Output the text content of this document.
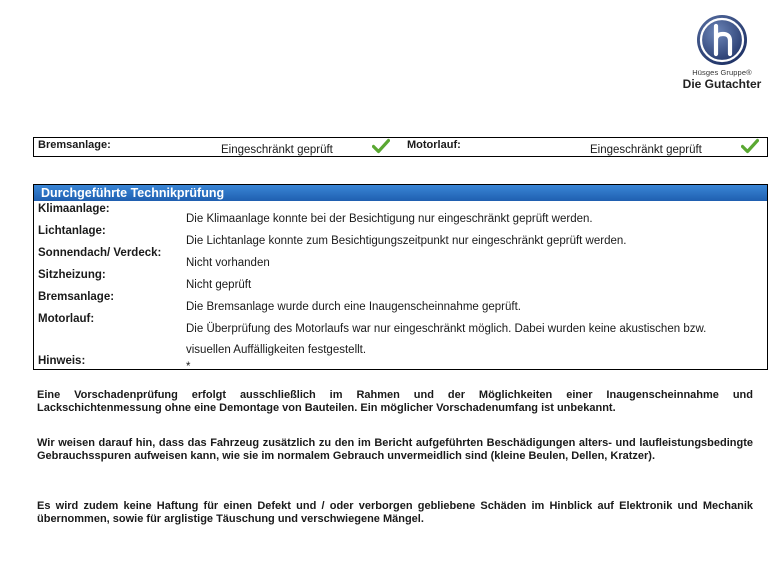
Hüsges Gruppe®
Die Gutachter
Bremsanlage:	Eingeschränkt geprüft	Motorlauf:	Eingeschränkt geprüft
Durchgeführte Technikprüfung
Klimaanlage:
Die Klimaanlage konnte bei der Besichtigung nur eingeschränkt geprüft werden.
Lichtanlage:
Die Lichtanlage konnte zum Besichtigungszeitpunkt nur eingeschränkt geprüft werden.
Sonnendach/ Verdeck:
Nicht vorhanden
Sitzheizung:
Nicht geprüft
Bremsanlage:
Die Bremsanlage wurde durch eine Inaugenscheinnahme geprüft.
Motorlauf:
Die Überprüfung des Motorlaufs war nur eingeschränkt möglich. Dabei wurden keine akustischen bzw.
visuellen Auffälligkeiten festgestellt.
Hinweis:	*

Eine Vorschadenprüfung erfolgt ausschließlich im Rahmen und der Möglichkeiten einer Inaugenscheinnahme und Lackschichtenmessung ohne eine Demontage von Bauteilen. Ein möglicher Vorschadenumfang ist unbekannt.

Wir weisen darauf hin, dass das Fahrzeug zusätzlich zu den im Bericht aufgeführten Beschädigungen alters- und laufleistungsbedingte Gebrauchsspuren aufweisen kann, wie sie im normalem Gebrauch unvermeidlich sind (kleine Beulen, Dellen, Kratzer).

Es wird zudem keine Haftung für einen Defekt und / oder verborgen gebliebene Schäden im Hinblick auf Elektronik und Mechanik übernommen, sowie für arglistige Täuschung und verschwiegene Mängel.
